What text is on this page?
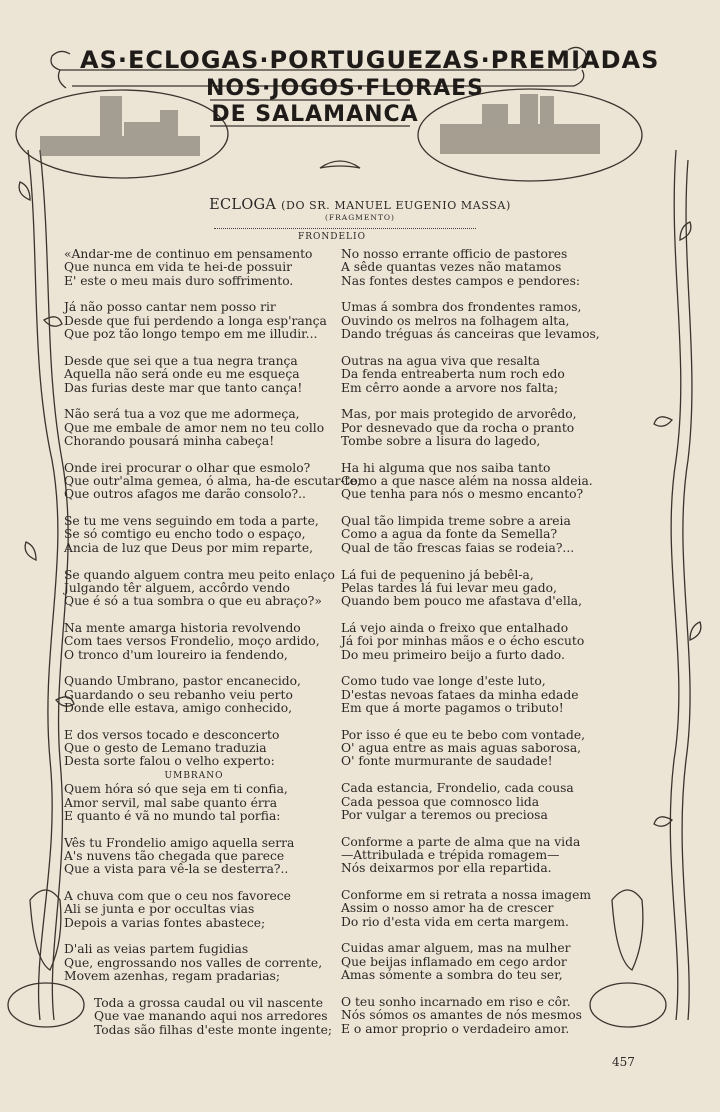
AS·ECLOGAS·PORTUGUEZAS·PREMIADAS
NOS·JOGOS·FLORAES
DE SALAMANCA
ECLOGA (DO SR. MANUEL EUGENIO MASSA)
(FRAGMENTO)
FRONDELIO
«Andar-me de continuo em pensamento
Que nunca em vida te hei-de possuir
E' este o meu mais duro soffrimento.
Já não posso cantar nem posso rir
Desde que fui perdendo a longa esp'rança
Que poz tão longo tempo em me illudir...
Desde que sei que a tua negra trança
Aquella não será onde eu me esqueça
Das furias deste mar que tanto cança!
Não será tua a voz que me adormeça,
Que me embale de amor nem no teu collo
Chorando pousará minha cabeça!
Onde irei procurar o olhar que esmolo?
Que outr'alma gemea, ó alma, ha-de escutar-te,
Que outros afagos me darão consolo?..
Se tu me vens seguindo em toda a parte,
Se só comtigo eu encho todo o espaço,
Ancia de luz que Deus por mim reparte,
Se quando alguem contra meu peito enlaço
Julgando têr alguem, accôrdo vendo
Que é só a tua sombra o que eu abraço?»
Na mente amarga historia revolvendo
Com taes versos Frondelio, moço ardido,
O tronco d'um loureiro ia fendendo,
Quando Umbrano, pastor encanecido,
Guardando o seu rebanho veiu perto
Donde elle estava, amigo conhecido,
E dos versos tocado e desconcerto
Que o gesto de Lemano traduzia
Desta sorte falou o velho experto:
UMBRANO
Quem hóra só que seja em ti confia,
Amor servil, mal sabe quanto érra
E quanto é vã no mundo tal porfia:
Vês tu Frondelio amigo aquella serra
A's nuvens tão chegada que parece
Que a vista para vê-la se desterra?..
A chuva com que o ceu nos favorece
Ali se junta e por occultas vias
Depois a varias fontes abastece;
D'ali as veias partem fugidias
Que, engrossando nos valles de corrente,
Movem azenhas, regam pradarias;
Toda a grossa caudal ou vil nascente
Que vae manando aqui nos arredores
Todas são filhas d'este monte ingente;
No nosso errante officio de pastores
A sêde quantas vezes não matamos
Nas fontes destes campos e pendores:
Umas á sombra dos frondentes ramos,
Ouvindo os melros na folhagem alta,
Dando tréguas ás canceiras que levamos,
Outras na agua viva que resalta
Da fenda entreaberta num roch edo
Em cêrro aonde a arvore nos falta;
Mas, por mais protegido de arvorêdo,
Por desnevado que da rocha o pranto
Tombe sobre a lisura do lagedo,
Ha hi alguma que nos saiba tanto
Como a que nasce além na nossa aldeia.
Que tenha para nós o mesmo encanto?
Qual tão limpida treme sobre a areia
Como a agua da fonte da Semella?
Qual de tão frescas faias se rodeia?...
Lá fui de pequenino já bebêl-a,
Pelas tardes lá fui levar meu gado,
Quando bem pouco me afastava d'ella,
Lá vejo ainda o freixo que entalhado
Já foi por minhas mãos e o écho escuto
Do meu primeiro beijo a furto dado.
Como tudo vae longe d'este luto,
D'estas nevoas fataes da minha edade
Em que á morte pagamos o tributo!
Por isso é que eu te bebo com vontade,
O' agua entre as mais aguas saborosa,
O' fonte murmurante de saudade!
Cada estancia, Frondelio, cada cousa
Cada pessoa que comnosco lida
Por vulgar a teremos ou preciosa
Conforme a parte de alma que na vida
—Attribulada e trépida romagem—
Nós deixarmos por ella repartida.
Conforme em si retrata a nossa imagem
Assim o nosso amor ha de crescer
Do rio d'esta vida em certa margem.
Cuidas amar alguem, mas na mulher
Que beijas inflamado em cego ardor
Amas sómente a sombra do teu ser,
O teu sonho incarnado em riso e côr.
Nós sómos os amantes de nós mesmos
E o amor proprio o verdadeiro amor.
457
